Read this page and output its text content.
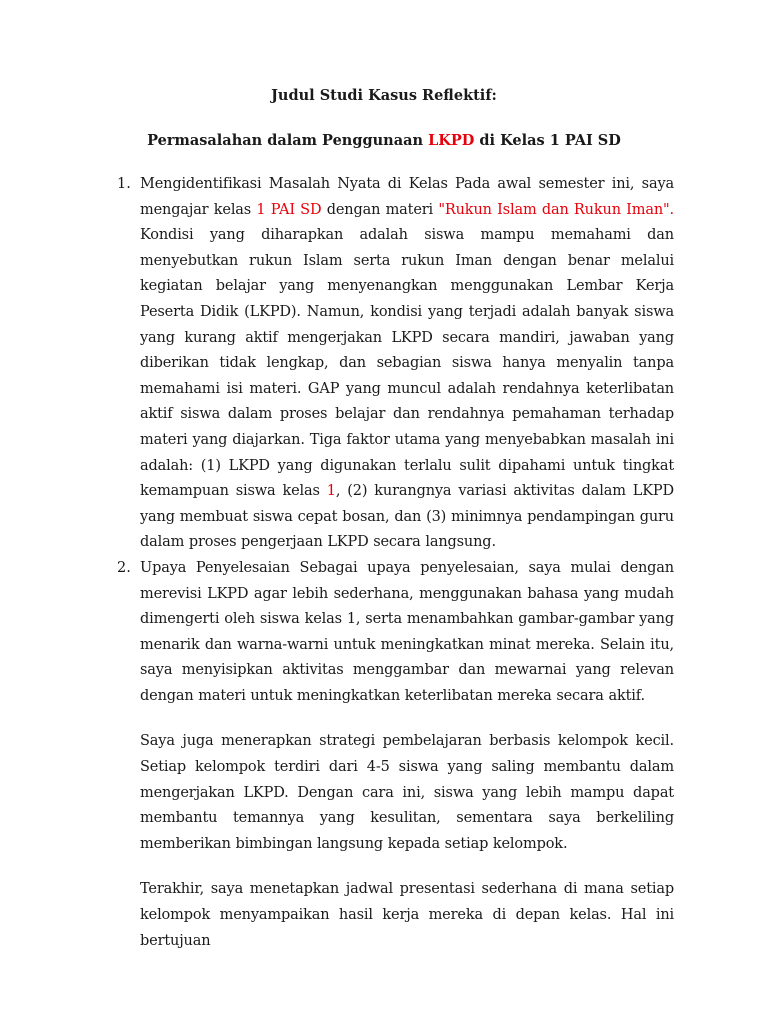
Judul Studi Kasus Reflektif:
Permasalahan dalam Penggunaan LKPD di Kelas 1 PAI SD
1. Mengidentifikasi Masalah Nyata di Kelas Pada awal semester ini, saya mengajar kelas 1 PAI SD dengan materi "Rukun Islam dan Rukun Iman". Kondisi yang diharapkan adalah siswa mampu memahami dan menyebutkan rukun Islam serta rukun Iman dengan benar melalui kegiatan belajar yang menyenangkan menggunakan Lembar Kerja Peserta Didik (LKPD). Namun, kondisi yang terjadi adalah banyak siswa yang kurang aktif mengerjakan LKPD secara mandiri, jawaban yang diberikan tidak lengkap, dan sebagian siswa hanya menyalin tanpa memahami isi materi. GAP yang muncul adalah rendahnya keterlibatan aktif siswa dalam proses belajar dan rendahnya pemahaman terhadap materi yang diajarkan. Tiga faktor utama yang menyebabkan masalah ini adalah: (1) LKPD yang digunakan terlalu sulit dipahami untuk tingkat kemampuan siswa kelas 1, (2) kurangnya variasi aktivitas dalam LKPD yang membuat siswa cepat bosan, dan (3) minimnya pendampingan guru dalam proses pengerjaan LKPD secara langsung.

2. Upaya Penyelesaian Sebagai upaya penyelesaian, saya mulai dengan merevisi LKPD agar lebih sederhana, menggunakan bahasa yang mudah dimengerti oleh siswa kelas 1, serta menambahkan gambar-gambar yang menarik dan warna-warni untuk meningkatkan minat mereka. Selain itu, saya menyisipkan aktivitas menggambar dan mewarnai yang relevan dengan materi untuk meningkatkan keterlibatan mereka secara aktif.

Saya juga menerapkan strategi pembelajaran berbasis kelompok kecil. Setiap kelompok terdiri dari 4-5 siswa yang saling membantu dalam mengerjakan LKPD. Dengan cara ini, siswa yang lebih mampu dapat membantu temannya yang kesulitan, sementara saya berkeliling memberikan bimbingan langsung kepada setiap kelompok.

Terakhir, saya menetapkan jadwal presentasi sederhana di mana setiap kelompok menyampaikan hasil kerja mereka di depan kelas. Hal ini bertujuan
